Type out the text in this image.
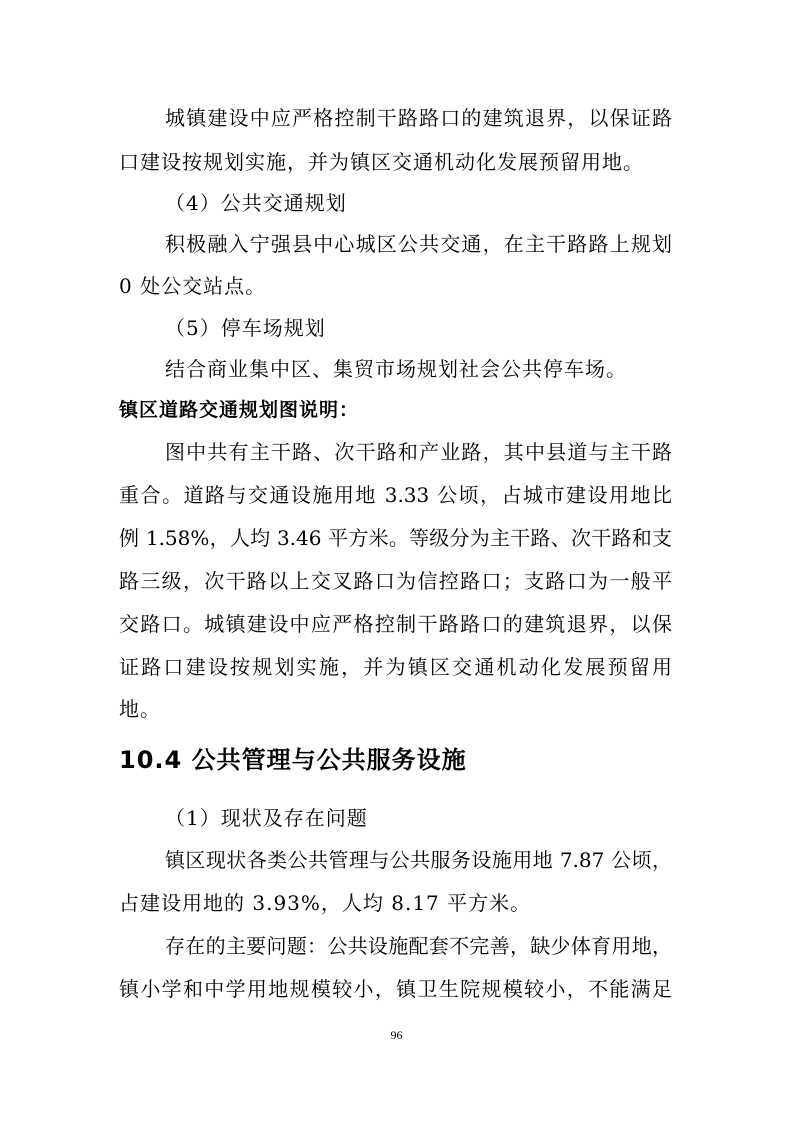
城镇建设中应严格控制干路路口的建筑退界，以保证路
口建设按规划实施，并为镇区交通机动化发展预留用地。
（4）公共交通规划
积极融入宁强县中心城区公共交通，在主干路路上规划
0 处公交站点。
（5）停车场规划
结合商业集中区、集贸市场规划社会公共停车场。
镇区道路交通规划图说明：
图中共有主干路、次干路和产业路，其中县道与主干路
重合。道路与交通设施用地 3.33 公顷，占城市建设用地比
例 1.58%，人均 3.46 平方米。等级分为主干路、次干路和支
路三级，次干路以上交叉路口为信控路口；支路口为一般平
交路口。城镇建设中应严格控制干路路口的建筑退界，以保
证路口建设按规划实施，并为镇区交通机动化发展预留用
地。
10.4 公共管理与公共服务设施
（1）现状及存在问题
镇区现状各类公共管理与公共服务设施用地 7.87 公顷，
占建设用地的 3.93%，人均 8.17 平方米。
存在的主要问题：公共设施配套不完善，缺少体育用地，
镇小学和中学用地规模较小，镇卫生院规模较小，不能满足
96
